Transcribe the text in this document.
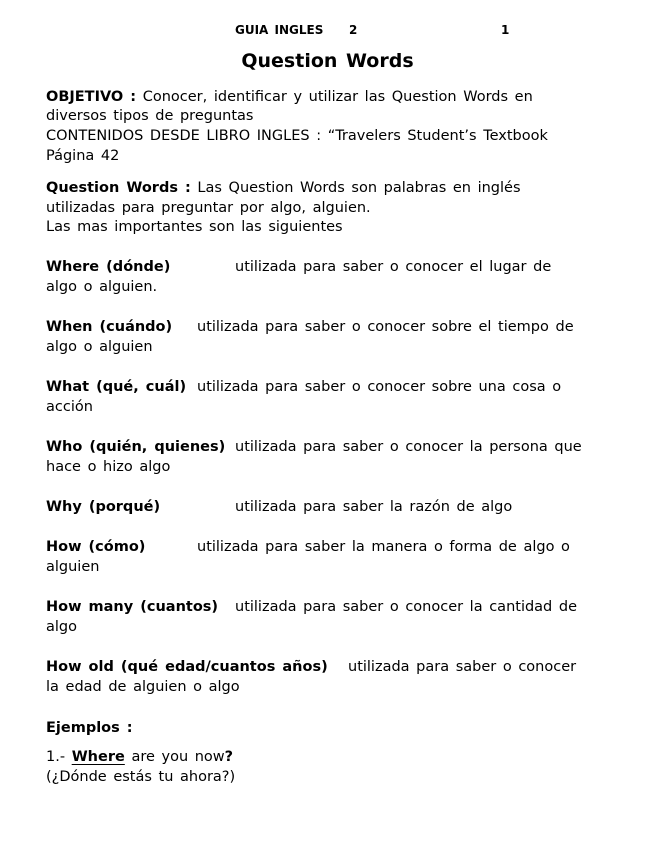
GUIA INGLES 2	1
Question Words
OBJETIVO : Conocer, identificar y utilizar las Question Words en
diversos tipos de preguntas
CONTENIDOS DESDE LIBRO INGLES : “Travelers Student’s Textbook
Página 42
Question Words : Las Question Words son palabras en inglés
utilizadas para preguntar por algo, alguien.
Las mas importantes son las siguientes
Where (dónde)	utilizada para saber o conocer el lugar de
algo o alguien.
When (cuándo) utilizada para saber o conocer sobre el tiempo de
algo o alguien
What (qué, cuál) utilizada para saber o conocer sobre una cosa o
acción
Who (quién, quienes) utilizada para saber o conocer la persona que
hace o hizo algo
Why (porqué)	utilizada para saber la razón de algo
How (cómo)	utilizada para saber la manera o forma de algo o
alguien
How many (cuantos) utilizada para saber o conocer la cantidad de
algo
How old (qué edad/cuantos años) utilizada para saber o conocer
la edad de alguien o algo
Ejemplos :
1.- Where are you now?
(¿Dónde estás tu ahora?)
